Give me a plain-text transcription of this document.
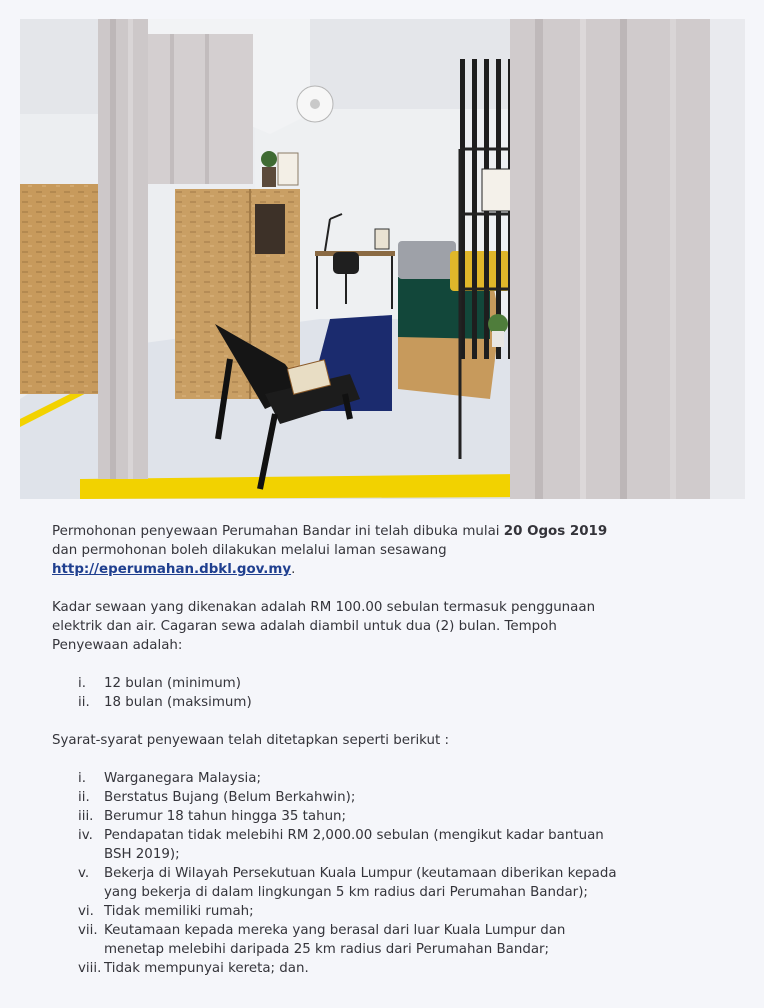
Permohonan penyewaan Perumahan Bandar ini telah dibuka mulai 20 Ogos 2019
dan permohonan boleh dilakukan melalui laman sesawang
http://eperumahan.dbkl.gov.my.

Kadar sewaan yang dikenakan adalah RM 100.00 sebulan termasuk penggunaan
elektrik dan air. Cagaran sewa adalah diambil untuk dua (2) bulan. Tempoh
Penyewaan adalah:

i.	12 bulan (minimum)
ii.	18 bulan (maksimum)

Syarat-syarat penyewaan telah ditetapkan seperti berikut :

i.	Warganegara Malaysia;
ii.	Berstatus Bujang (Belum Berkahwin);
iii. Berumur 18 tahun hingga 35 tahun;
iv. Pendapatan tidak melebihi RM 2,000.00 sebulan (mengikut kadar bantuan
BSH 2019);
v.	Bekerja di Wilayah Persekutuan Kuala Lumpur (keutamaan diberikan kepada
yang bekerja di dalam lingkungan 5 km radius dari Perumahan Bandar);
vi. Tidak memiliki rumah;
vii. Keutamaan kepada mereka yang berasal dari luar Kuala Lumpur dan
menetap melebihi daripada 25 km radius dari Perumahan Bandar;
viii. Tidak mempunyai kereta; dan.
